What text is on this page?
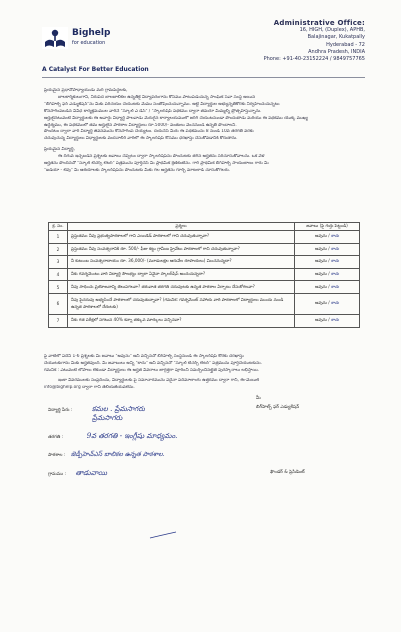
Bighelp
for education
A Catalyst For Better Education
Administrative Office:
16, HIGH, (Duplex), APHB,
Balajinagar, Kukatpally
Hyderabad - 72
Andhra Pradesh, INDIA
Phone: +91-40-23152224 / 9849757765
ప్రియమైన ప్రధానోపాధ్యాయుడు మరి గ్రామపెద్దలకు,
బాలకార్మికులుగాని, నిరుపేద బాలబాలికల ఉన్నతికై విద్యాపరంగాను కోసము పాటుపడుచున్న సాంఘిక సేవా సంస్థ అయిన
"బిగ్‌హెల్ప్ ఫర్ ఎడ్యుకేషన్"ను మీకు పరిచయం చేయుటకు మేము సంతోషించుచున్నాము. అట్టి విద్యార్థుల అభ్యున్నతికొరకు నిర్వహించుచున్నటు
కొనసాగింపబడిన వివిధ కార్యక్రమముల వారినే "స్కూల్ ఎ డేస్" / "స్కాలర్‌షిప్ పథకము ద్వారా తమరూ మిమ్మల్ని ప్రోత్సహిస్తున్నాను.
అర్హులైనటువంటి విద్యార్థులకు ఈ అవార్డు విధ్యార్ధి పాలవాడు మెరుగైన కార్యాలయములో జరిగి చేయుటనుండా పొందుతాడు మరియు ఈ పథకము యొక్క ముఖ్య
ఉద్దేశ్యము, ఈ పథకములో తమ అర్హులైన పాఠశాల విద్యార్థులు రూ.5000/- వంతులు వెంచనుండి ఉన్నతి పొందాలని.
పొందటం ద్వారా వారి విద్యార్థి జీవనమును కొనసాగింప చెయ్యటం. దయచేసి మీరు ఈ పథకమును 8 నుండి 10వ తరగతి వరకు
చదువుచున్న విద్యార్థులు విధ్యార్థులకు వందనాలిరి వారిలో ఈ స్కాలర్‌షిప్ కోసము ధరఖాస్తు చేసుకొవడానికి కోరుతాను.
ప్రియమైన విద్యార్థి,
ఈ దిగువ ఇచ్చబడిన ప్రశ్నలకు జవాబు చెప్పటం ద్వారా స్కాలర్‌షిప్‌ను పొందుటకు తగిన అర్హతను సరిచూసుకోవాలను. ఒక వేళ
అర్హతను పొందినచో "స్కూల్ టీచర్స్ లెటర్" పత్రమును పూర్తిచేసి మీ ప్రాథమిక శ్రేణికంటేను. గారి ప్రాథమిక బిగ్‌హెల్ప్ సాయంకాలం గారు మీ
"ఐడియా - లేవు" మీ ఆశయాలకు స్కాలర్‌షిప్‌ను పొందుటకు మీకు గల అర్హతను గూర్చి మాటలాడి చూసుకోగలరు.
క్ర. సం.	ప్రశ్నలు	జవాబు (పై గుర్తు పెట్టండి)
1	ప్రస్తుతము నీవు ప్రభుత్వపాఠశాలలో గాని ఎయిడెడ్ పాఠశాలలో గాని చదువుతున్నావా?	అవును / కాదు
2	ప్రస్తుతము నీవు సంవత్సరానికి రూ. 500/- ఫీజు కట్టు గ్రామీణ ప్రైవేటు పాఠశాలలో గాని చదువుతున్నావా?	అవును / కాదు
3	నీ కుటుంబ సంవత్సరాదాయం రూ. 36,000/- (మూడులక్షల ఆరువేల రూపాయలు) మించనున్నదా?	అవును / కాదు
4	నీకు గవర్నమెంటు వారి విద్యార్థి సౌలభ్యం ద్వారా ఏవైనా స్కాలర్‌షిప్ అందుచున్నదా?	అవును / కాదు
5	నీవు సాధించు ప్రయోజనాన్ని తెలుపగలవా? తరువాత తరగతి చదువుటకు ఉన్నత పాఠశాల ఏర్పాటు చేసుకోగలవా?	అవును / కాదు
6	నీవు పైచదువు అభ్యసించే పాఠశాలలో చదువుతున్నావా? (గమనిక: గవర్నమెంట్ సహాయ వారి పాఠశాలలో విద్యార్థులు ముందు నుండి ఉన్నత పాఠశాలలో చేరుటకు)	అవును / కాదు
7	నీకు గత పరీక్షలో సగటున 40% కన్నా తక్కువ మార్కులు వచ్చినవా?	అవును / కాదు
పై వాటిలో ఏదేని 1-6 ప్రశ్నలకు మీ జవాబు "అవును" అని వచ్చినచో బిగ్‌హెల్ప్ సంస్థనుండి ఈ స్కాలర్‌షిప్ కొరకు దరఖాస్తు
చేయుటకుగాను మీకు అర్హతవుంది. మీ జవాబులు అన్నీ "కాదు" అని వచ్చినచో "స్కూల్ టీచర్స్ లెటర్" పత్రమును పూర్తిచేయుటకును.
గమనిక : ఎటువంటి లోపాలు లేకుండా విద్యార్థులు ఈ అర్హత వివరాలు జాగ్రత్తగా పూరించి సమర్పించినట్లైతే పురస్కారాలు లభిస్తాయి.
ఇంకా వివరములకు సంప్రదించు, విద్యార్థులకు పై సమాచారమును ఏదైనా పదిమాలాంగు ఉత్తరము ద్వారా గాని, ఈ-మెయిల్
info@bighelp.org ద్వారా గాని తెలియజేయవలెను.
విద్యార్థి పేరు :	కమల . ప్రేమసాగరు
ప్రేమసాగరు
తరగతి :	9వ తరగతి - ఇంగ్లీషు మాధ్యమం.
పాఠశాల : జెడ్పీహెచ్ఎస్ బాలికల ఉన్నత పాఠశాల.
గ్రామము : తాడువాయి
మీ
బిగ్‌హెల్ప్ ఫర్ ఎడ్యుకేషన్
ఫౌండర్ & ప్రెసిడెంట్
